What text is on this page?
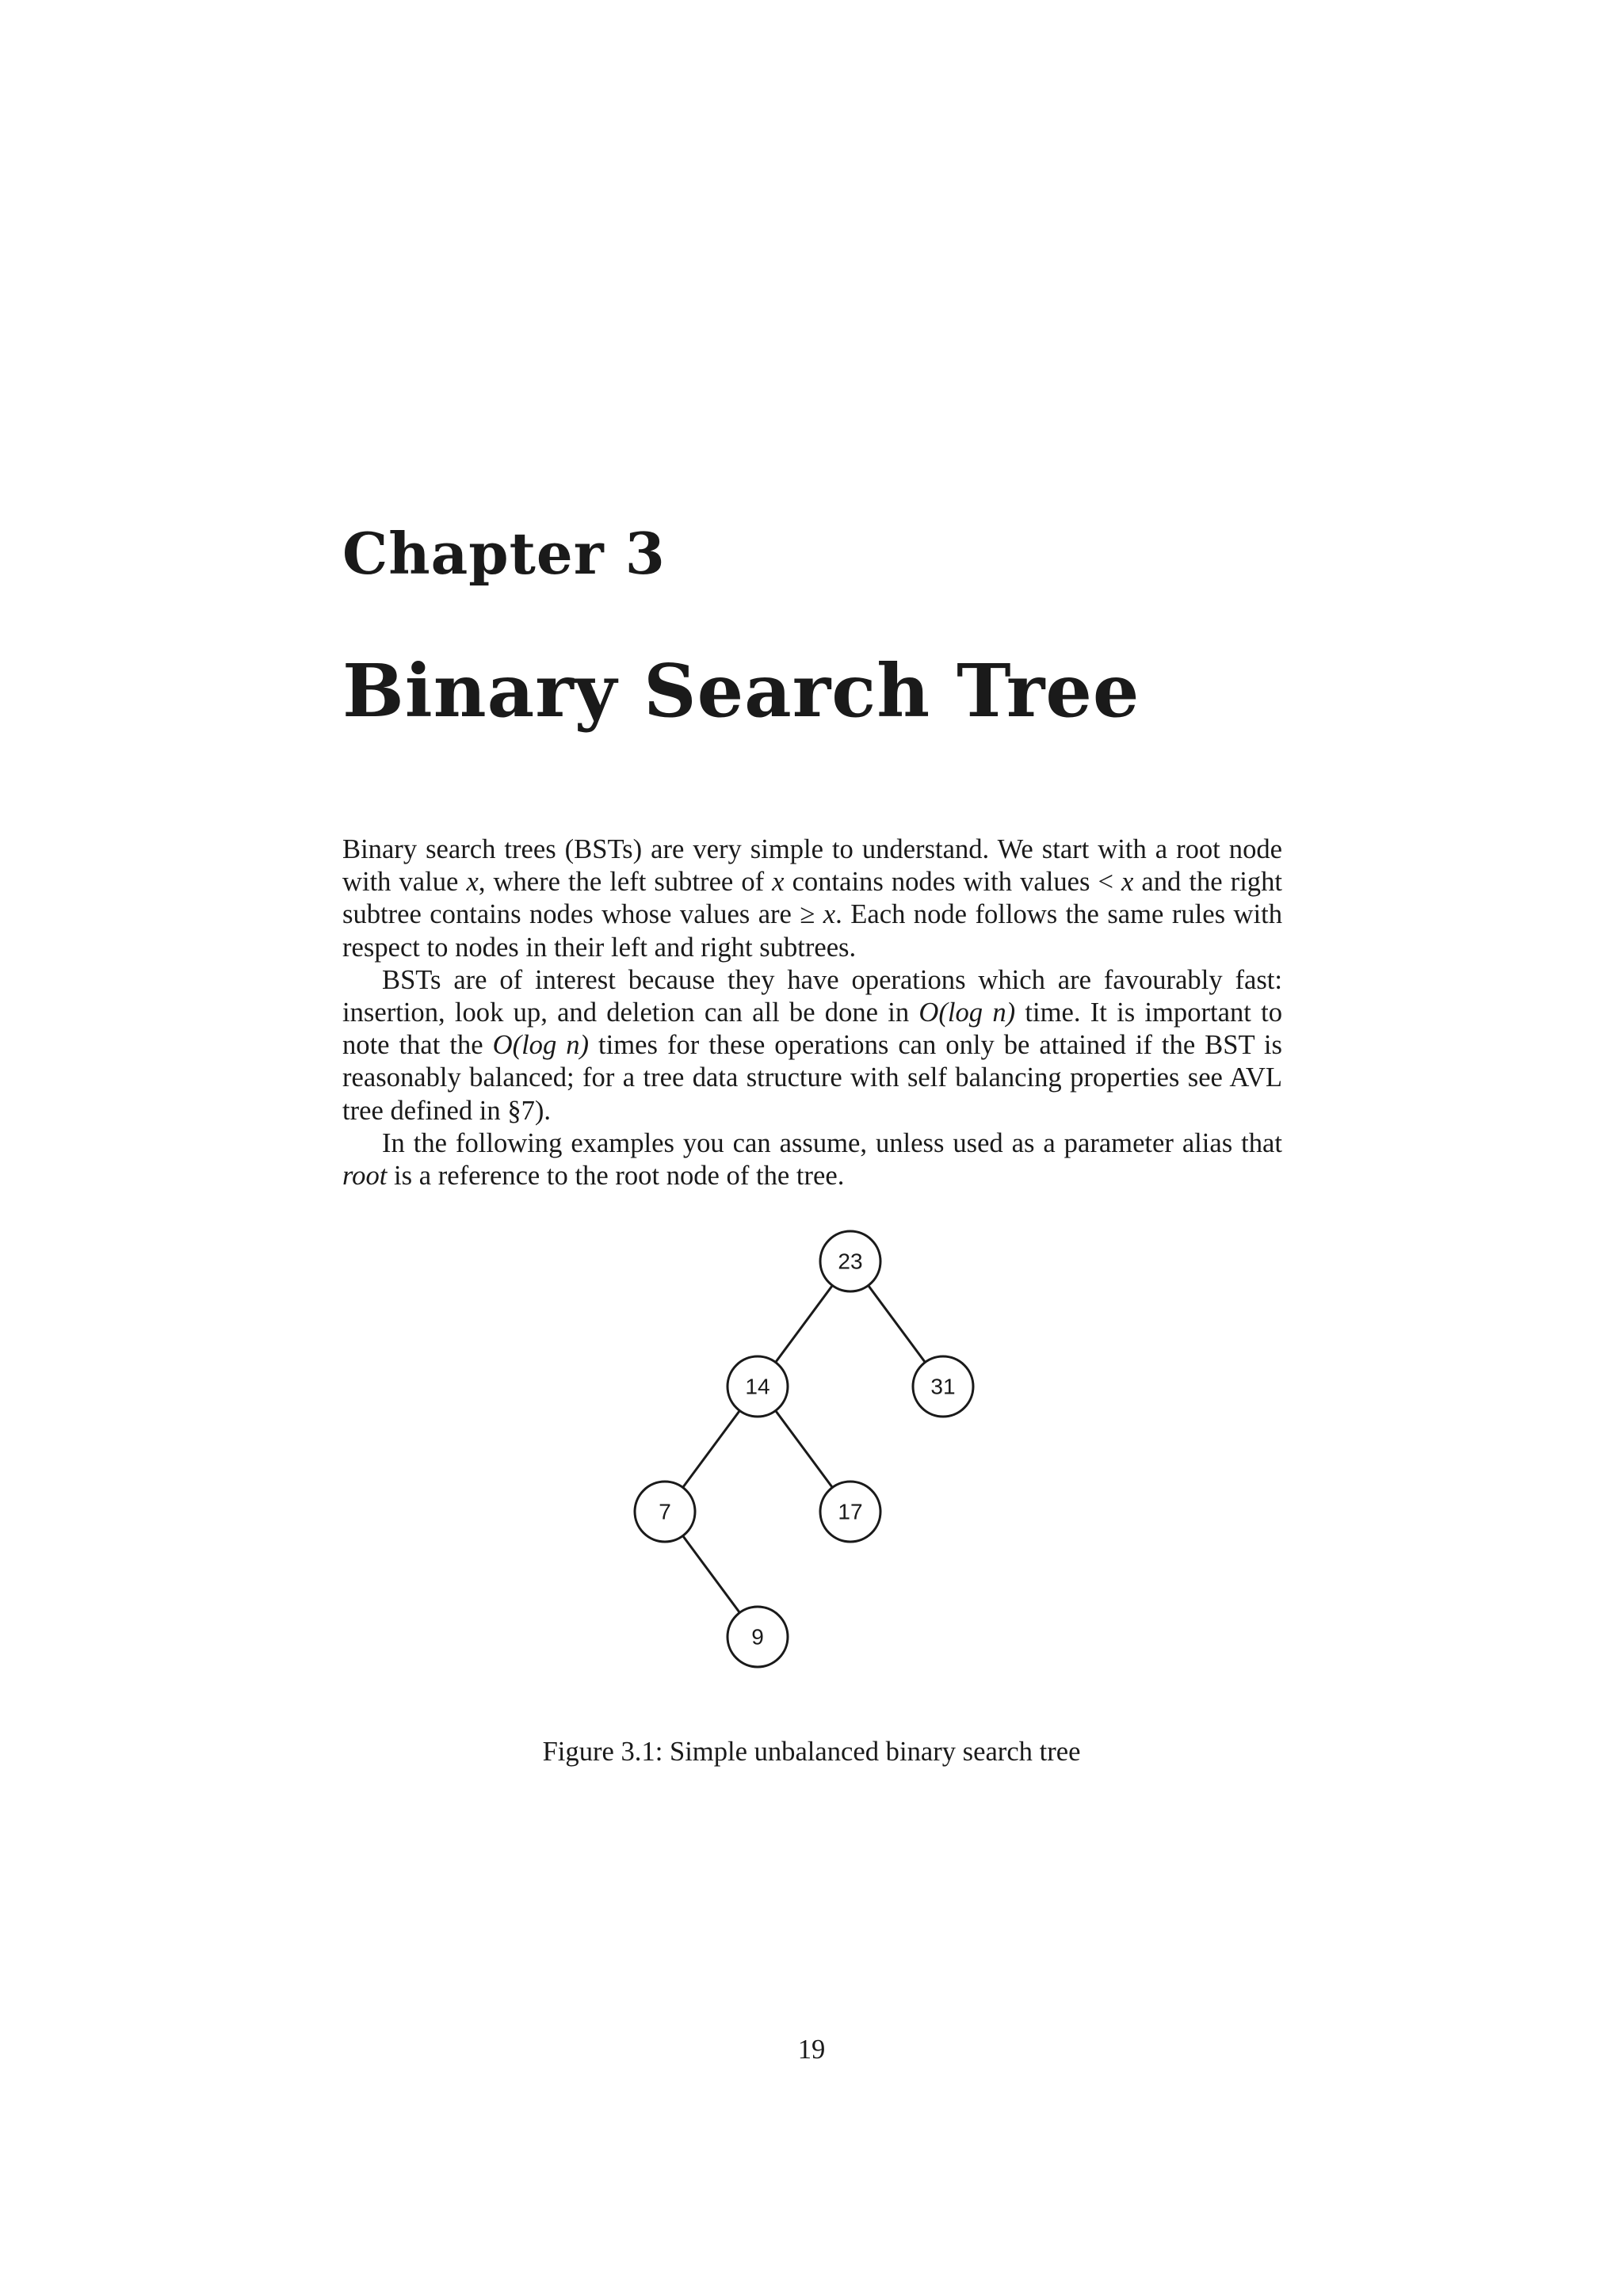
Chapter 3
Binary Search Tree

Binary search trees (BSTs) are very simple to understand. We start with a root node with value x, where the left subtree of x contains nodes with values < x and the right subtree contains nodes whose values are ≥ x. Each node follows the same rules with respect to nodes in their left and right subtrees.

BSTs are of interest because they have operations which are favourably fast: insertion, look up, and deletion can all be done in O(log n) time. It is important to note that the O(log n) times for these operations can only be attained if the BST is reasonably balanced; for a tree data structure with self balancing properties see AVL tree defined in §7).

In the following examples you can assume, unless used as a parameter alias that root is a reference to the root node of the tree.

23
14	31
7	17
9
Figure 3.1: Simple unbalanced binary search tree
19
